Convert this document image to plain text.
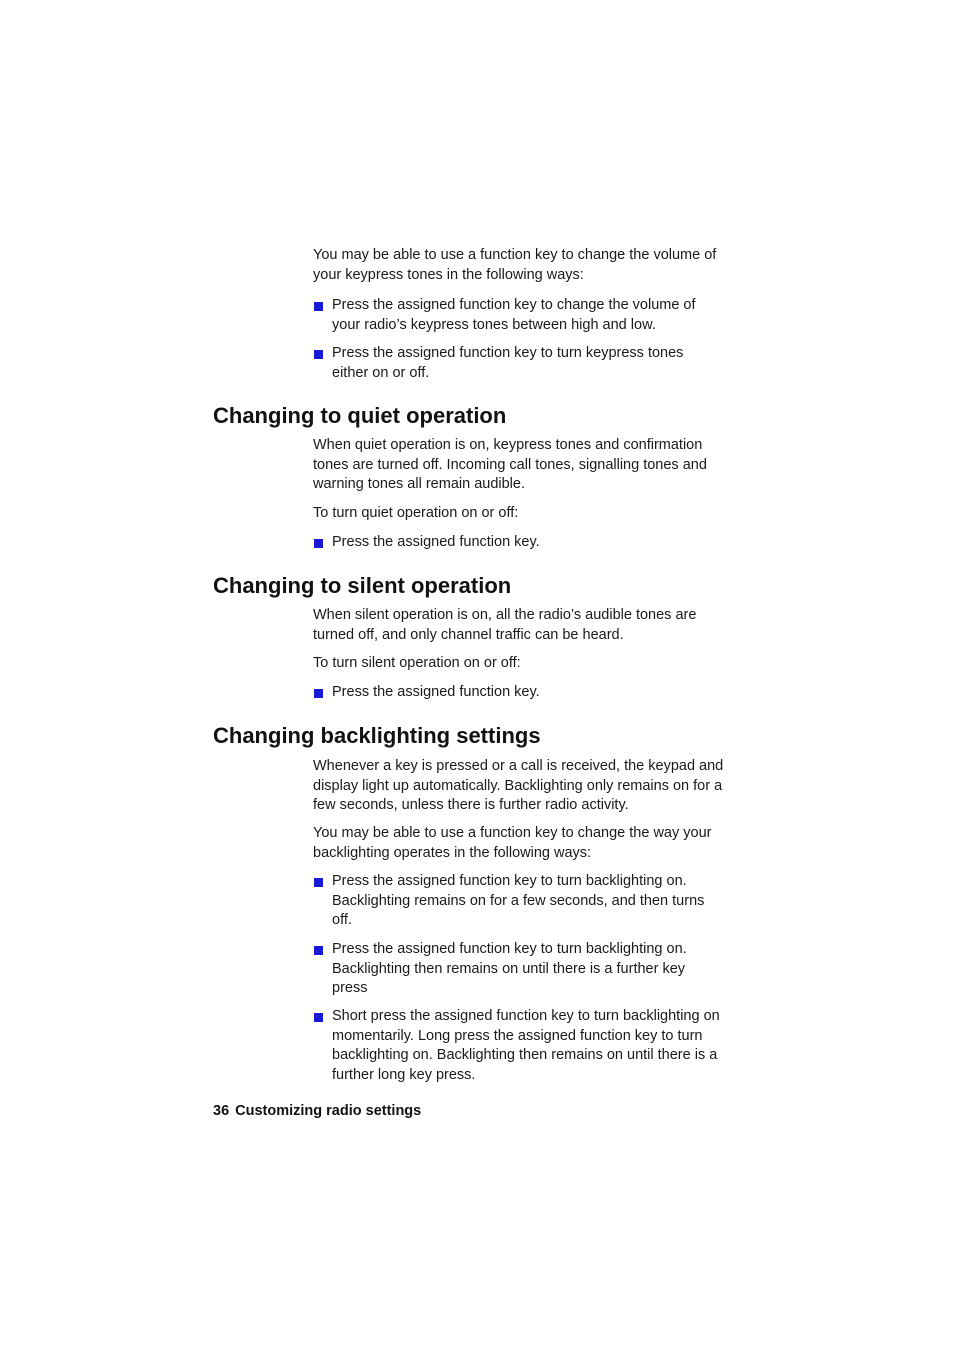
You may be able to use a function key to change the volume of your keypress tones in the following ways:

Press the assigned function key to change the volume of your radio’s keypress tones between high and low.
Press the assigned function key to turn keypress tones either on or off.
Changing to quiet operation

When quiet operation is on, keypress tones and confirmation tones are turned off. Incoming call tones, signalling tones and warning tones all remain audible.

To turn quiet operation on or off:

Press the assigned function key.
Changing to silent operation

When silent operation is on, all the radio’s audible tones are turned off, and only channel traffic can be heard.

To turn silent operation on or off:

Press the assigned function key.
Changing backlighting settings

Whenever a key is pressed or a call is received, the keypad and display light up automatically. Backlighting only remains on for a few seconds, unless there is further radio activity.

You may be able to use a function key to change the way your backlighting operates in the following ways:

Press the assigned function key to turn backlighting on. Backlighting remains on for a few seconds, and then turns off.
Press the assigned function key to turn backlighting on. Backlighting then remains on until there is a further key press
Short press the assigned function key to turn backlighting on momentarily. Long press the assigned function key to turn backlighting on. Backlighting then remains on until there is a further long key press.
36 Customizing radio settings
